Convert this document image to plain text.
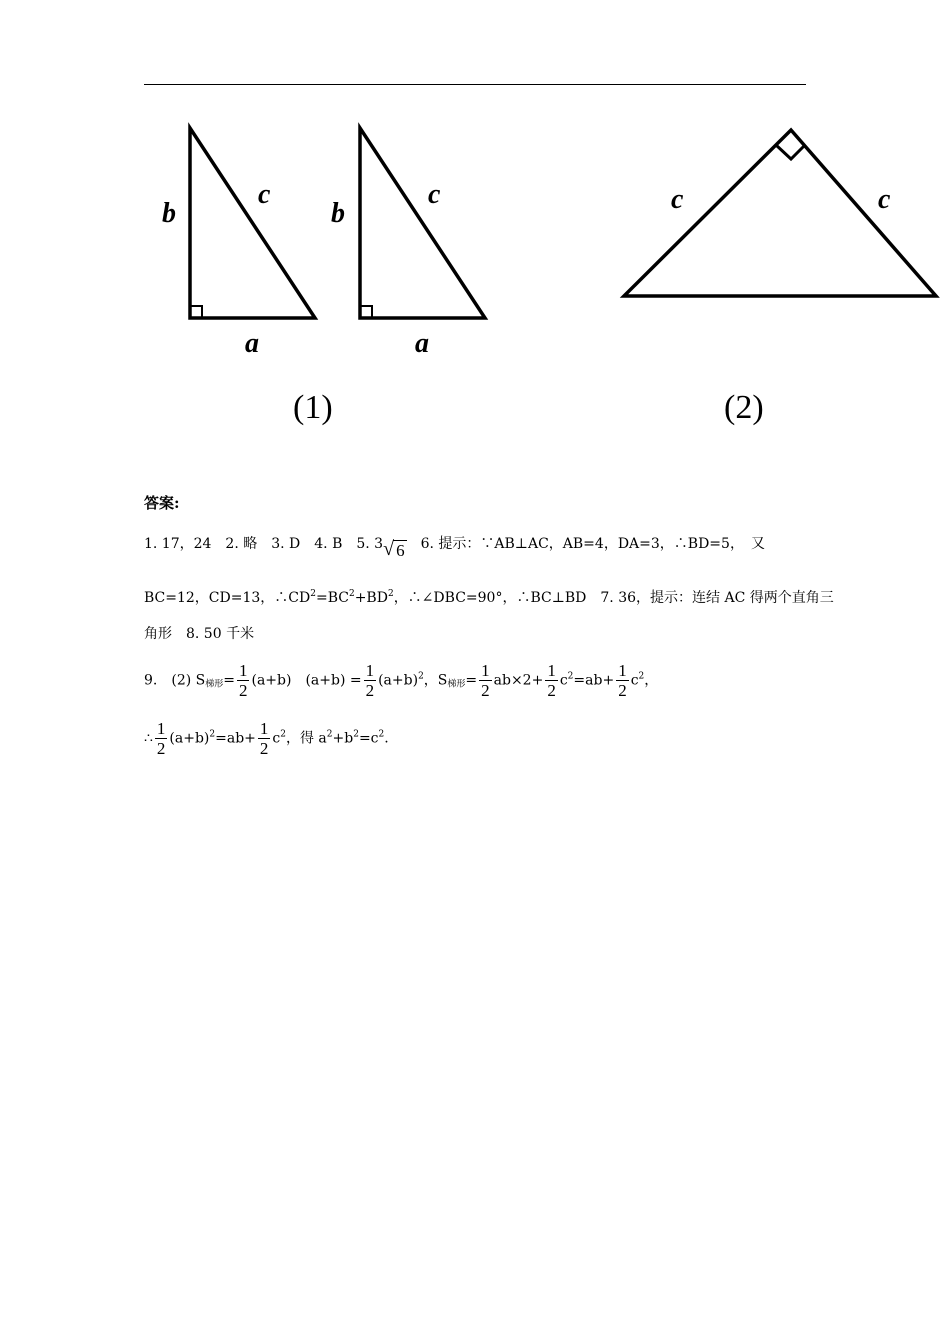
b
c
a
b
c
a
(1)
c	c
(2)
答案:
1. 17，24　2. 略　3. D　4. B　5. 3 √ 6　 6. 提示：∵AB⊥AC，AB=4，DA=3，∴BD=5，　又
BC=12，CD=13，$\therefore CD^2=BC^2+BD^2$，∴∠DBC=90°，∴BC⊥BD　7. 36，提示：连结 AC 得两个直角三
角形　8. 50 千米
9.　(2) $S_{梯形}= \frac{1}{2} (a+b)$　$(a+b) = \frac{1}{2} (a+b)^2$，$S_{梯形}= \frac{1}{2} ab\times 2+ \frac{1}{2} c^2=ab+ \frac{1}{2} c^2$，
∴ $\frac{1}{2} (a+b)^2=ab+ \frac{1}{2} c^2$，得 $a^2+b^2=c^2$.
